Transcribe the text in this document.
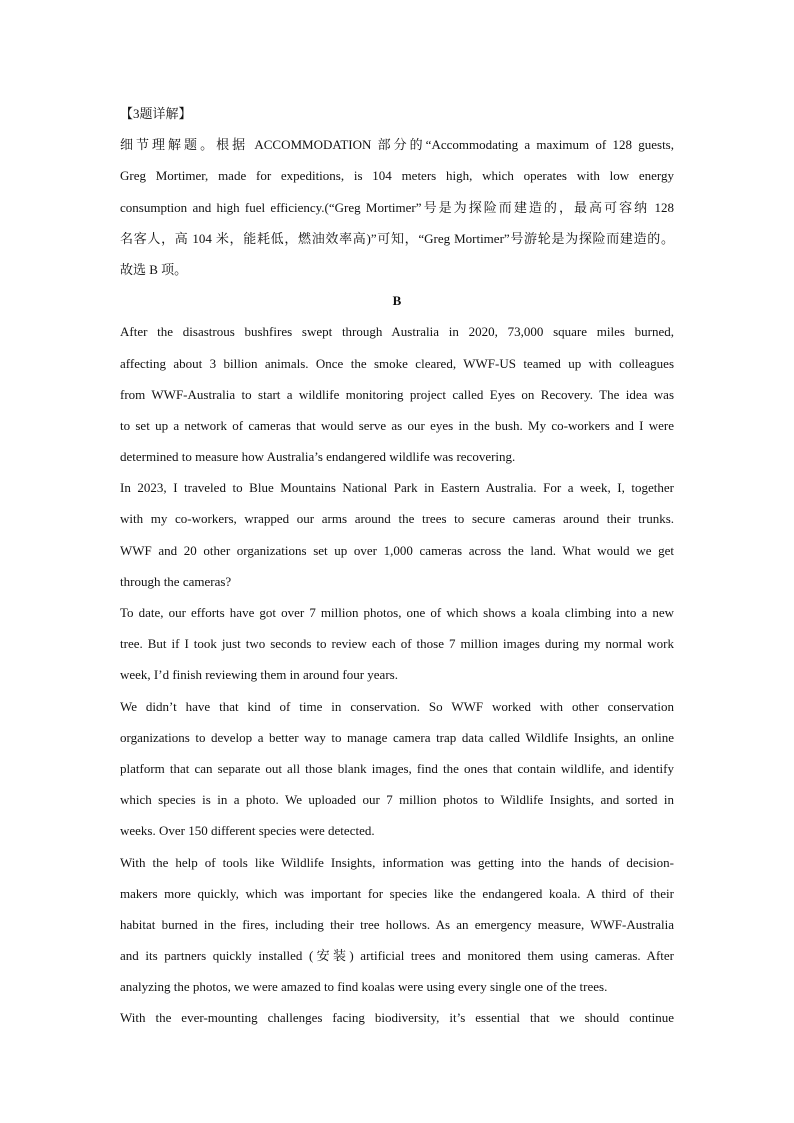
【3题详解】
细节理解题。根据 ACCOMMODATION 部分的“Accommodating a maximum of 128 guests,
Greg Mortimer, made for expeditions, is 104 meters high, which operates with low energy
consumption and high fuel efficiency.(“Greg Mortimer”号是为探险而建造的，最高可容纳 128
名客人，高 104 米，能耗低，燃油效率高)”可知，“Greg Mortimer”号游轮是为探险而建造的。
故选 B 项。
B
After the disastrous bushfires swept through Australia in 2020, 73,000 square miles burned,
affecting about 3 billion animals. Once the smoke cleared, WWF-US teamed up with colleagues
from WWF-Australia to start a wildlife monitoring project called Eyes on Recovery. The idea was
to set up a network of cameras that would serve as our eyes in the bush. My co-workers and I were
determined to measure how Australia’s endangered wildlife was recovering.
In 2023, I traveled to Blue Mountains National Park in Eastern Australia. For a week, I, together
with my co-workers, wrapped our arms around the trees to secure cameras around their trunks.
WWF and 20 other organizations set up over 1,000 cameras across the land. What would we get
through the cameras?
To date, our efforts have got over 7 million photos, one of which shows a koala climbing into a new
tree. But if I took just two seconds to review each of those 7 million images during my normal work
week, I’d finish reviewing them in around four years.
We didn’t have that kind of time in conservation. So WWF worked with other conservation
organizations to develop a better way to manage camera trap data called Wildlife Insights, an online
platform that can separate out all those blank images, find the ones that contain wildlife, and identify
which species is in a photo. We uploaded our 7 million photos to Wildlife Insights, and sorted in
weeks. Over 150 different species were detected.
With the help of tools like Wildlife Insights, information was getting into the hands of decision-
makers more quickly, which was important for species like the endangered koala. A third of their
habitat burned in the fires, including their tree hollows. As an emergency measure, WWF-Australia
and its partners quickly installed (安装) artificial trees and monitored them using cameras. After
analyzing the photos, we were amazed to find koalas were using every single one of the trees.
With the ever-mounting challenges facing biodiversity, it’s essential that we should continue
